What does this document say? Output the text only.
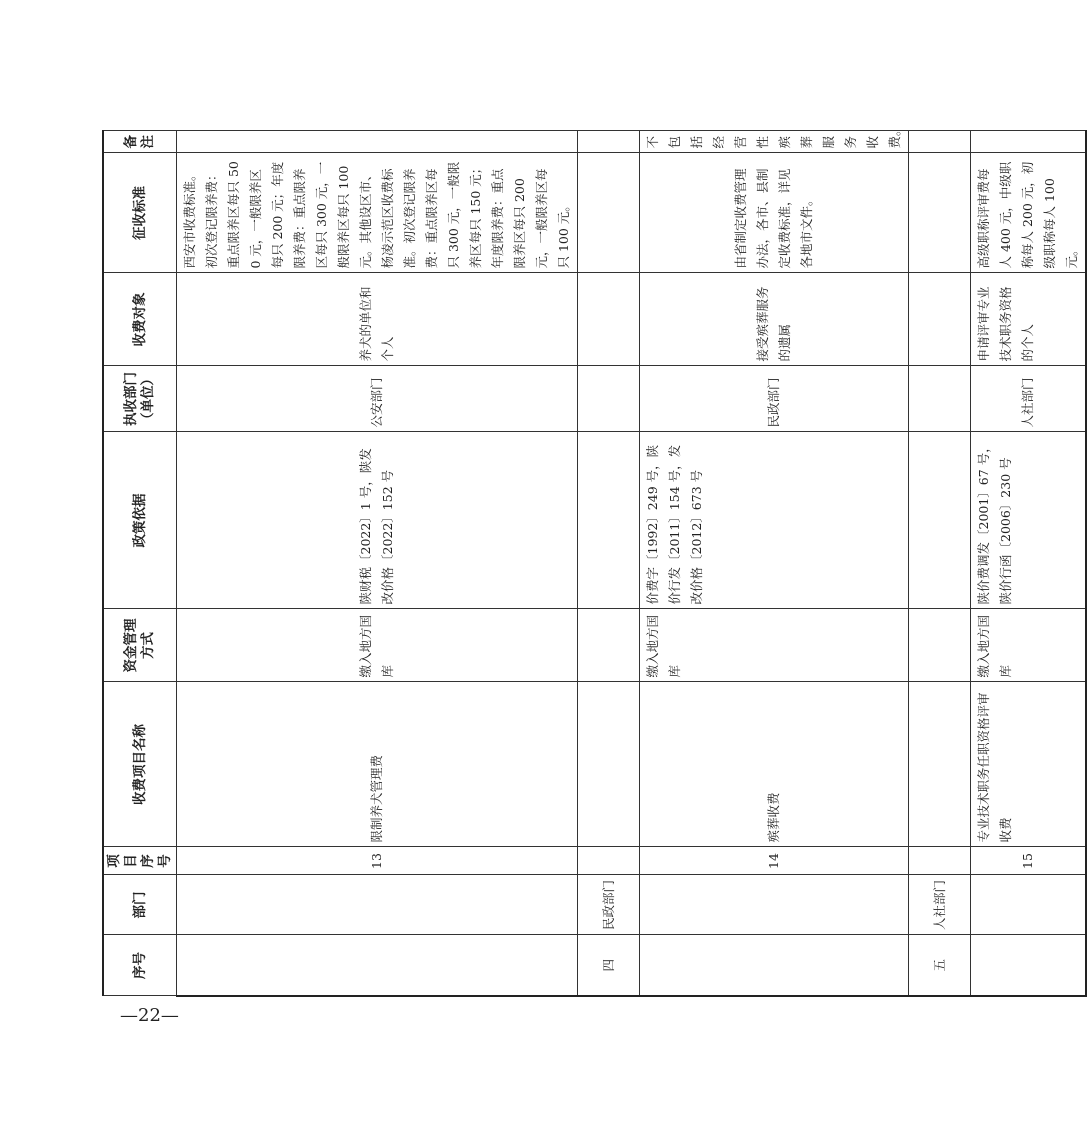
序号	部门	项目序号	收费项目名称	资金管理方式	政策依据	执收部门（单位）	收费对象	征收标准	备　注
		13	限制养犬管理费	缴入地方国库	陕财税〔2022〕1 号，陕发改价格〔2022〕152 号	公安部门	养犬的单位和个人	西安市收费标准。初次登记限养费：重点限养区每只 500 元，一般限养区每只 200 元；年度限养费：重点限养区每只 300 元，一般限养区每只 100 元。其他设区市、杨凌示范区收费标准。初次登记限养费：重点限养区每只 300 元，一般限养区每只 150 元；年度限养费：重点限养区每只 200 元，一般限养区每只 100 元。	
四	民政部门								
		14	殡葬收费	缴入地方国库	价费字〔1992〕249 号，陕价行发〔2011〕154 号，发改价格〔2012〕673 号	民政部门	接受殡葬服务的遗属	由省制定收费管理办法，各市、县制定收费标准，详见各地市文件。	不包括经营性殡葬服务收费。
五	人社部门								
		15	专业技术职务任职资格评审收费	缴入地方国库	陕价费调发〔2001〕67 号，陕价行函〔2006〕230 号	人社部门	申请评审专业技术职务资格的个人	高级职称评审费每人 400 元，中级职称每人 200 元，初级职称每人 100 元。	
—22—
